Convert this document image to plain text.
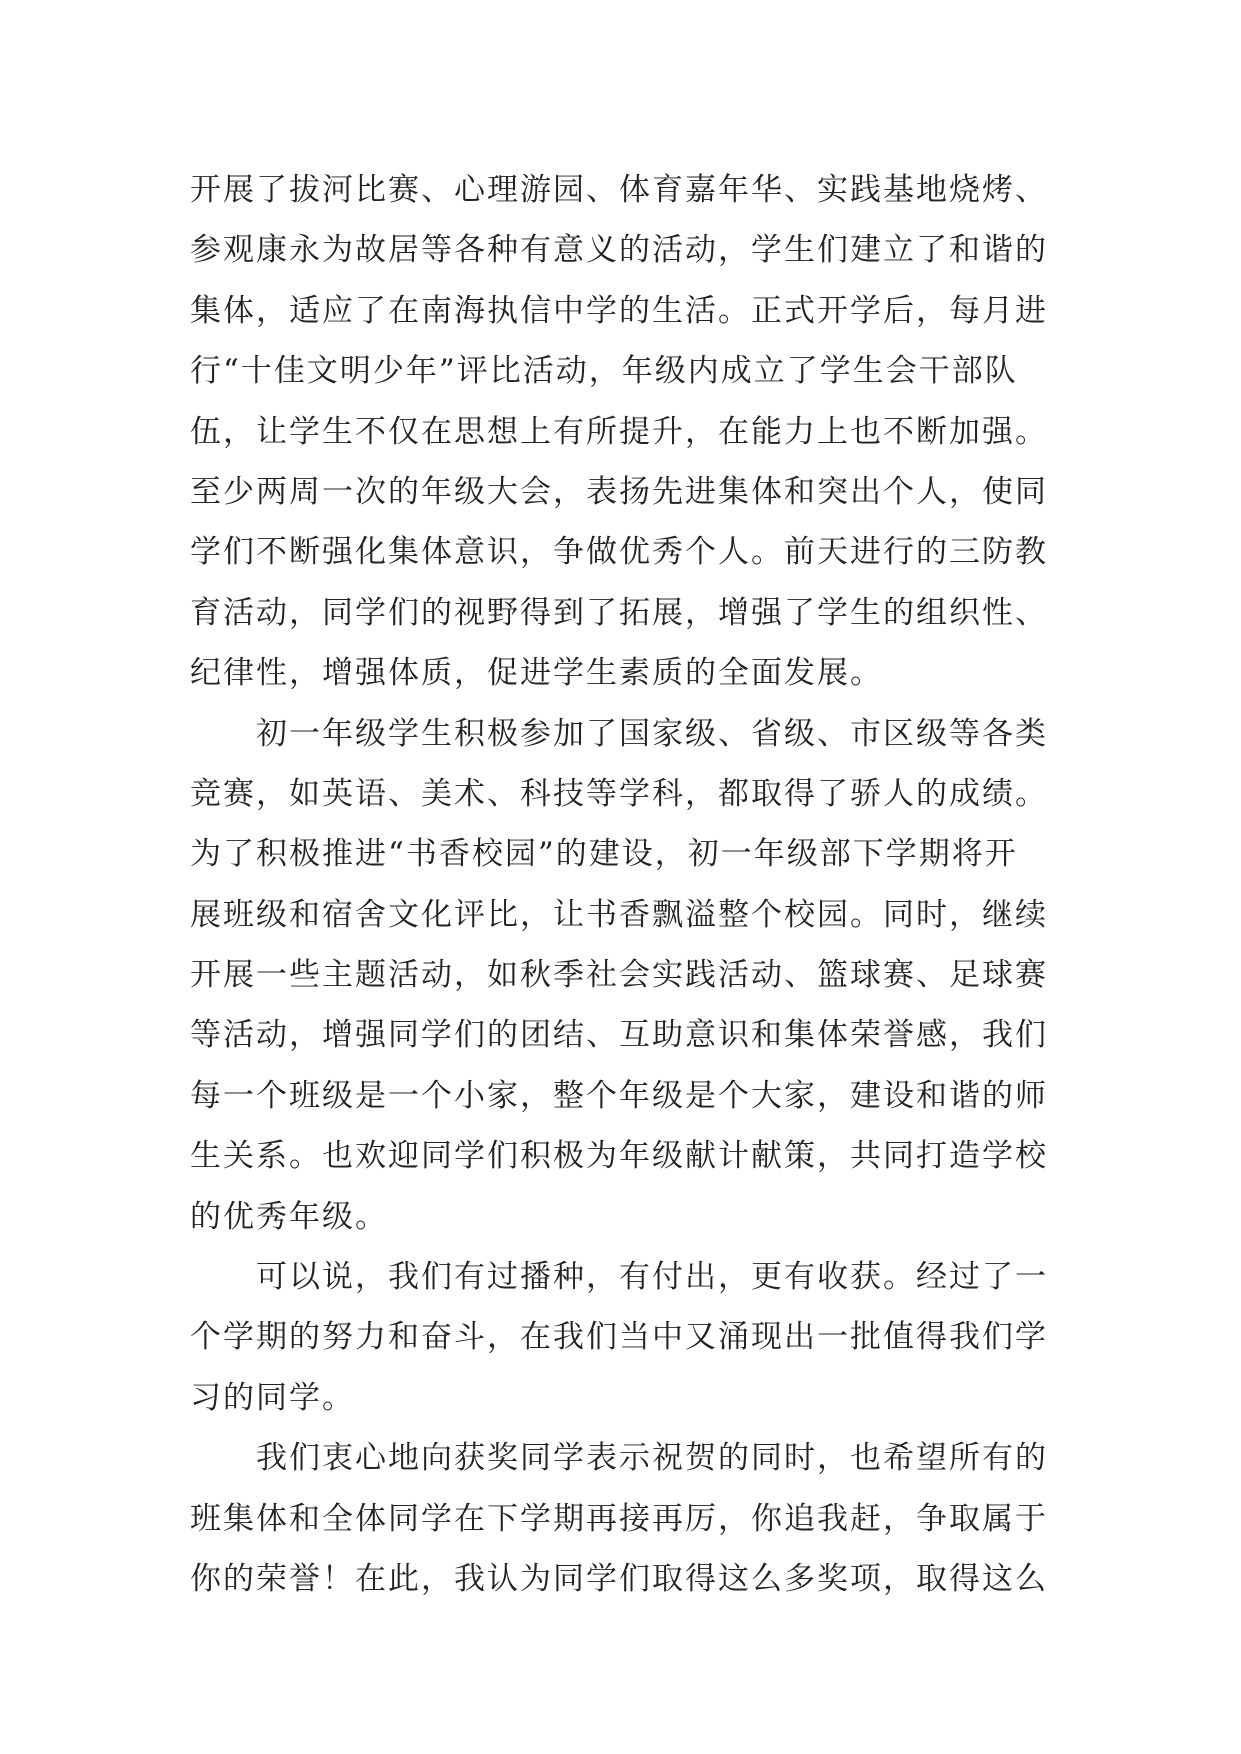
开展了拔河比赛、心理游园、体育嘉年华、实践基地烧烤、
参观康永为故居等各种有意义的活动，学生们建立了和谐的
集体，适应了在南海执信中学的生活。正式开学后，每月进
行“十佳文明少年”评比活动，年级内成立了学生会干部队
伍，让学生不仅在思想上有所提升，在能力上也不断加强。
至少两周一次的年级大会，表扬先进集体和突出个人，使同
学们不断强化集体意识，争做优秀个人。前天进行的三防教
育活动，同学们的视野得到了拓展，增强了学生的组织性、
纪律性，增强体质，促进学生素质的全面发展。
初一年级学生积极参加了国家级、省级、市区级等各类
竞赛，如英语、美术、科技等学科，都取得了骄人的成绩。
为了积极推进“书香校园”的建设，初一年级部下学期将开
展班级和宿舍文化评比，让书香飘溢整个校园。同时，继续
开展一些主题活动，如秋季社会实践活动、篮球赛、足球赛
等活动，增强同学们的团结、互助意识和集体荣誉感，我们
每一个班级是一个小家，整个年级是个大家，建设和谐的师
生关系。也欢迎同学们积极为年级献计献策，共同打造学校
的优秀年级。
可以说，我们有过播种，有付出，更有收获。经过了一
个学期的努力和奋斗，在我们当中又涌现出一批值得我们学
习的同学。
我们衷心地向获奖同学表示祝贺的同时，也希望所有的
班集体和全体同学在下学期再接再厉，你追我赶，争取属于
你的荣誉！在此，我认为同学们取得这么多奖项，取得这么
